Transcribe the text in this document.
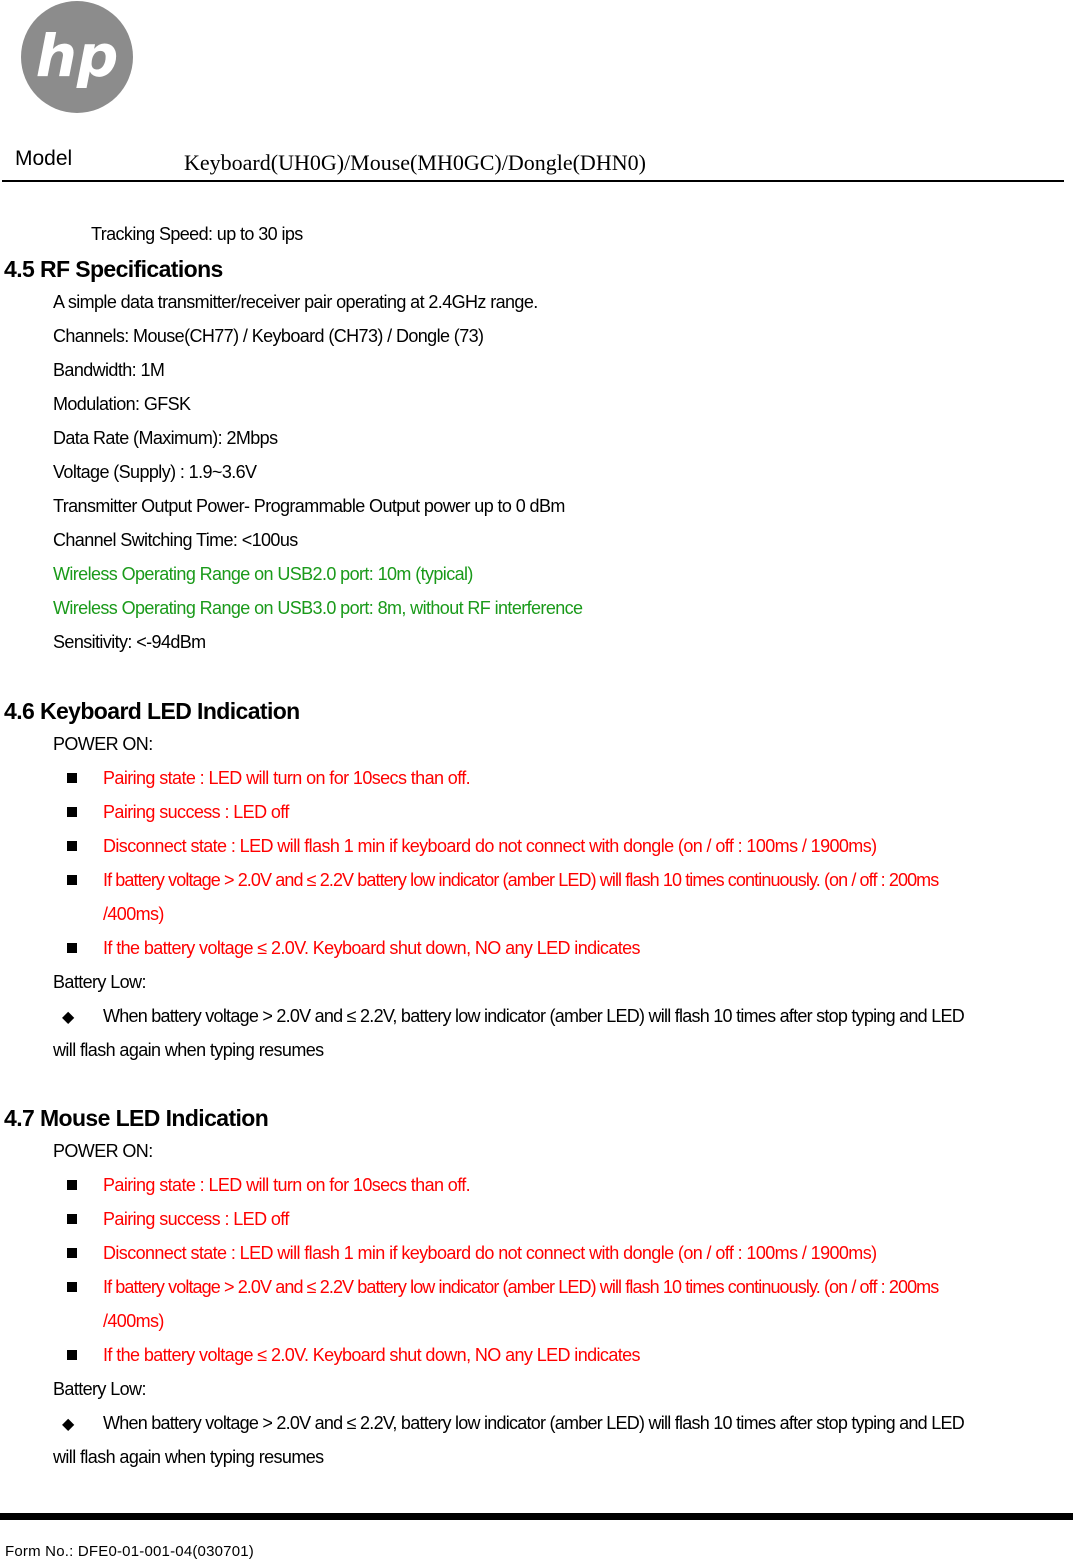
hp
Model	Keyboard(UH0G)/Mouse(MH0GC)/Dongle(DHN0)
Tracking Speed: up to 30 ips
4.5 RF Specifications
A simple data transmitter/receiver pair operating at 2.4GHz range.
Channels: Mouse(CH77) / Keyboard (CH73) / Dongle (73)
Bandwidth: 1M
Modulation: GFSK
Data Rate (Maximum): 2Mbps
Voltage (Supply) : 1.9~3.6V
Transmitter Output Power- Programmable Output power up to 0 dBm
Channel Switching Time: <100us
Wireless Operating Range on USB2.0 port: 10m (typical)
Wireless Operating Range on USB3.0 port: 8m, without RF interference
Sensitivity: <-94dBm
4.6 Keyboard LED Indication
POWER ON:
Pairing state : LED will turn on for 10secs than off.
Pairing success : LED off
Disconnect state : LED will flash 1 min if keyboard do not connect with dongle (on / off : 100ms / 1900ms)
If battery voltage > 2.0V and ≤ 2.2V battery low indicator (amber LED) will flash 10 times continuously. (on / off : 200ms
/400ms)
If the battery voltage ≤ 2.0V. Keyboard shut down, NO any LED indicates
Battery Low:
◆ When battery voltage > 2.0V and ≤ 2.2V, battery low indicator (amber LED) will flash 10 times after stop typing and LED
will flash again when typing resumes
4.7 Mouse LED Indication
POWER ON:
Pairing state : LED will turn on for 10secs than off.
Pairing success : LED off
Disconnect state : LED will flash 1 min if keyboard do not connect with dongle (on / off : 100ms / 1900ms)
If battery voltage > 2.0V and ≤ 2.2V battery low indicator (amber LED) will flash 10 times continuously. (on / off : 200ms
/400ms)
If the battery voltage ≤ 2.0V. Keyboard shut down, NO any LED indicates
Battery Low:
◆ When battery voltage > 2.0V and ≤ 2.2V, battery low indicator (amber LED) will flash 10 times after stop typing and LED
will flash again when typing resumes
Form No.: DFE0-01-001-04(030701)
